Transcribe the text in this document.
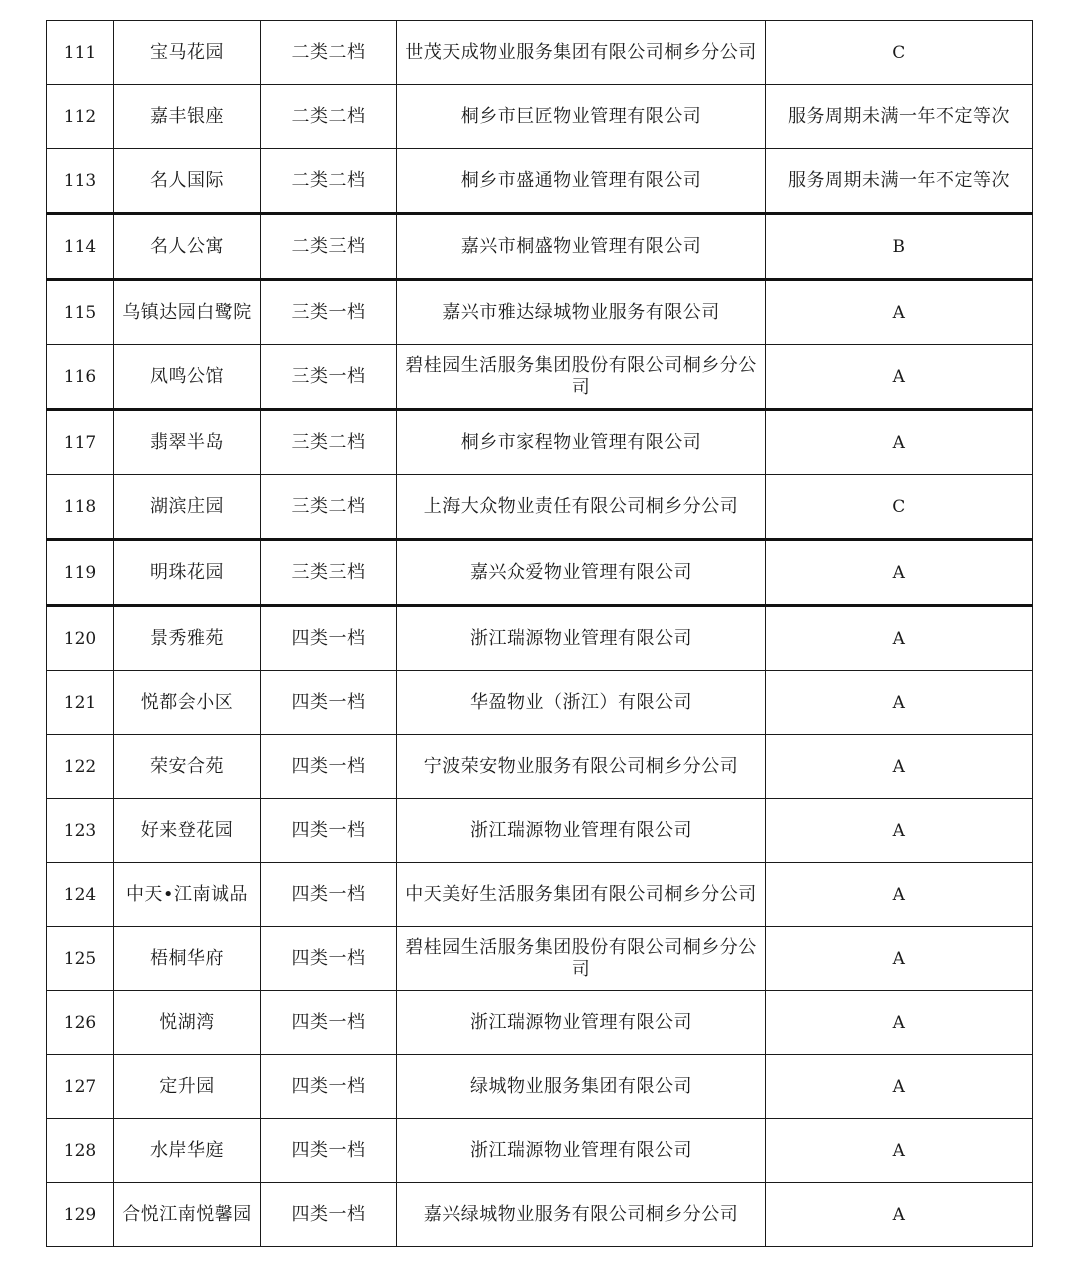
111	宝马花园	二类二档	世茂天成物业服务集团有限公司桐乡分公司	C
112	嘉丰银座	二类二档	桐乡市巨匠物业管理有限公司	服务周期未满一年不定等次
113	名人国际	二类二档	桐乡市盛通物业管理有限公司	服务周期未满一年不定等次
114	名人公寓	二类三档	嘉兴市桐盛物业管理有限公司	B
115	乌镇达园白鹭院	三类一档	嘉兴市雅达绿城物业服务有限公司	A
116	凤鸣公馆	三类一档	碧桂园生活服务集团股份有限公司桐乡分公司	A
117	翡翠半岛	三类二档	桐乡市家程物业管理有限公司	A
118	湖滨庄园	三类二档	上海大众物业责任有限公司桐乡分公司	C
119	明珠花园	三类三档	嘉兴众爱物业管理有限公司	A
120	景秀雅苑	四类一档	浙江瑞源物业管理有限公司	A
121	悦都会小区	四类一档	华盈物业（浙江）有限公司	A
122	荣安合苑	四类一档	宁波荣安物业服务有限公司桐乡分公司	A
123	好来登花园	四类一档	浙江瑞源物业管理有限公司	A
124	中天•江南诚品	四类一档	中天美好生活服务集团有限公司桐乡分公司	A
125	梧桐华府	四类一档	碧桂园生活服务集团股份有限公司桐乡分公司	A
126	悦湖湾	四类一档	浙江瑞源物业管理有限公司	A
127	定升园	四类一档	绿城物业服务集团有限公司	A
128	水岸华庭	四类一档	浙江瑞源物业管理有限公司	A
129	合悦江南悦馨园	四类一档	嘉兴绿城物业服务有限公司桐乡分公司	A
